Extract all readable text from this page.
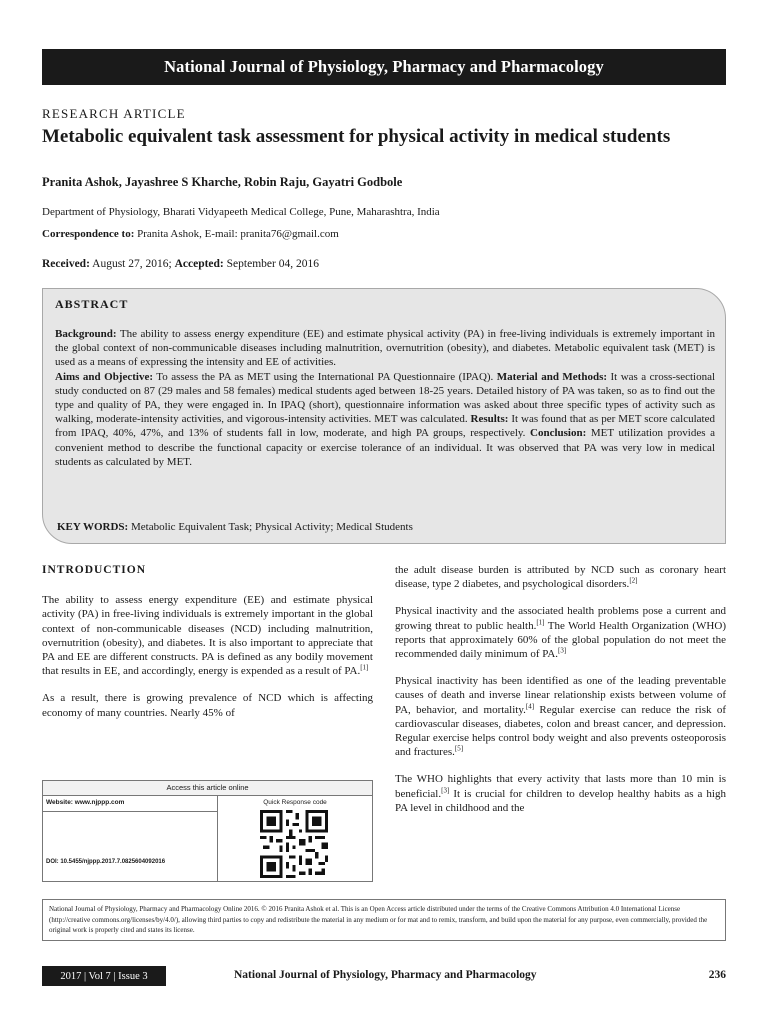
National Journal of Physiology, Pharmacy and Pharmacology
RESEARCH ARTICLE
Metabolic equivalent task assessment for physical activity in medical students
Pranita Ashok, Jayashree S Kharche, Robin Raju, Gayatri Godbole
Department of Physiology, Bharati Vidyapeeth Medical College, Pune, Maharashtra, India
Correspondence to: Pranita Ashok, E-mail: pranita76@gmail.com
Received: August 27, 2016; Accepted: September 04, 2016
ABSTRACT

Background: The ability to assess energy expenditure (EE) and estimate physical activity (PA) in free-living individuals is extremely important in the global context of non-communicable diseases including malnutrition, overnutrition (obesity), and diabetes. Metabolic equivalent task (MET) is used as a means of expressing the intensity and EE of activities.

Aims and Objective: To assess the PA as MET using the International PA Questionnaire (IPAQ). Material and Methods: It was a cross-sectional study conducted on 87 (29 males and 58 females) medical students aged between 18-25 years. Detailed history of PA was taken, so as to find out the type and quality of PA, they were engaged in. In IPAQ (short), questionnaire information was asked about three specific types of activity such as walking, moderate-intensity activities, and vigorous-intensity activities. MET was calculated. Results: It was found that as per MET score calculated from IPAQ, 40%, 47%, and 13% of students fall in low, moderate, and high PA groups, respectively. Conclusion: MET utilization provides a convenient method to describe the functional capacity or exercise tolerance of an individual. It was observed that PA was very low in medical students as calculated by MET.

KEY WORDS: Metabolic Equivalent Task; Physical Activity; Medical Students
INTRODUCTION

The ability to assess energy expenditure (EE) and estimate physical activity (PA) in free-living individuals is extremely important in the global context of non-communicable diseases (NCD) including malnutrition, overnutrition (obesity), and diabetes. It is also important to appreciate that PA and EE are different constructs. PA is defined as any bodily movement that results in EE, and accordingly, energy is expended as a result of PA.[1]

As a result, there is growing prevalence of NCD which is affecting economy of many countries. Nearly 45% of

the adult disease burden is attributed by NCD such as coronary heart disease, type 2 diabetes, and psychological disorders.[2]

Physical inactivity and the associated health problems pose a current and growing threat to public health.[1] The World Health Organization (WHO) reports that approximately 60% of the global population do not meet the recommended daily minimum of PA.[3]

Physical inactivity has been identified as one of the leading preventable causes of death and inverse linear relationship exists between volume of PA, behavior, and mortality.[4] Regular exercise can reduce the risk of cardiovascular diseases, diabetes, colon and breast cancer, and depression. Regular exercise helps control body weight and also prevents osteoporosis and fractures.[5]

The WHO highlights that every activity that lasts more than 10 min is beneficial.[3] It is crucial for children to develop healthy habits as a high PA level in childhood and the

Access this article online
Website: www.njppp.com
DOI: 10.5455/njppp.2017.7.0825604092016
Quick Response code
National Journal of Physiology, Pharmacy and Pharmacology Online 2016. © 2016 Pranita Ashok et al. This is an Open Access article distributed under the terms of the Creative Commons Attribution 4.0 International License (http://creative commons.org/licenses/by/4.0/), allowing third parties to copy and redistribute the material in any medium or for mat and to remix, transform, and build upon the material for any purpose, even commercially, provided the original work is properly cited and states its license.
2017 | Vol 7 | Issue 3	National Journal of Physiology, Pharmacy and Pharmacology	236
